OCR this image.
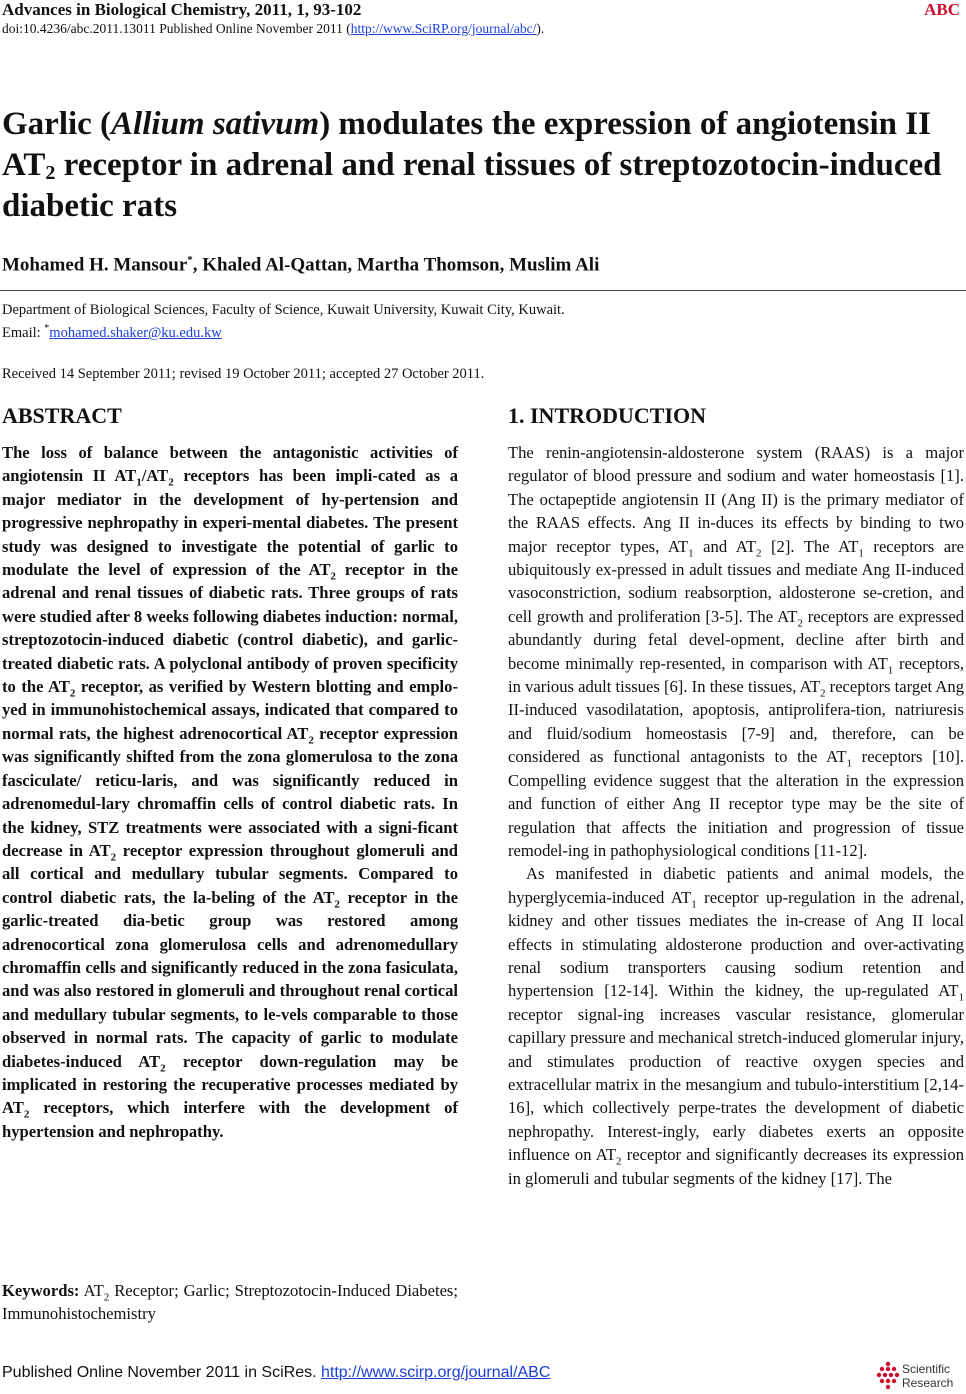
Advances in Biological Chemistry, 2011, 1, 93-102	ABC
doi:10.4236/abc.2011.13011 Published Online November 2011 (http://www.SciRP.org/journal/abc/).
Garlic (Allium sativum) modulates the expression of angiotensin II $AT_2$ receptor in adrenal and renal tissues of streptozotocin-induced diabetic rats
Mohamed H. Mansour*, Khaled Al-Qattan, Martha Thomson, Muslim Ali
Department of Biological Sciences, Faculty of Science, Kuwait University, Kuwait City, Kuwait.
Email: *mohamed.shaker@ku.edu.kw
Received 14 September 2011; revised 19 October 2011; accepted 27 October 2011.
ABSTRACT	1. INTRODUCTION

The loss of balance between the antagonistic activities of angiotensin II $AT_1/AT_2$ receptors has been impli-cated as a major mediator in the development of hy-pertension and progressive nephropathy in experi-mental diabetes. The present study was designed to investigate the potential of garlic to modulate the level of expression of the $AT_2$ receptor in the adrenal and renal tissues of diabetic rats. Three groups of rats were studied after 8 weeks following diabetes induction: normal, streptozotocin-induced diabetic (control diabetic), and garlic-treated diabetic rats. A polyclonal antibody of proven specificity to the $AT_2$ receptor, as verified by Western blotting and emplo-yed in immunohistochemical assays, indicated that compared to normal rats, the highest adrenocortical $AT_2$ receptor expression was significantly shifted from the zona glomerulosa to the zona fasciculate/ reticu-laris, and was significantly reduced in adrenomedul-lary chromaffin cells of control diabetic rats. In the kidney, STZ treatments were associated with a signi-ficant decrease in $AT_2$ receptor expression throughout glomeruli and all cortical and medullary tubular segments. Compared to control diabetic rats, the la-beling of the $AT_2$ receptor in the garlic-treated dia-betic group was restored among adrenocortical zona glomerulosa cells and adrenomedullary chromaffin cells and significantly reduced in the zona fasiculata, and was also restored in glomeruli and throughout renal cortical and medullary tubular segments, to le-vels comparable to those observed in normal rats. The capacity of garlic to modulate diabetes-induced $AT_2$ receptor down-regulation may be implicated in restoring the recuperative processes mediated by $AT_2$ receptors, which interfere with the development of hypertension and nephropathy.

Keywords: $AT_2$ Receptor; Garlic; Streptozotocin-Induced Diabetes; Immunohistochemistry

The renin-angiotensin-aldosterone system (RAAS) is a major regulator of blood pressure and sodium and water homeostasis [1]. The octapeptide angiotensin II (Ang II) is the primary mediator of the RAAS effects. Ang II in-duces its effects by binding to two major receptor types, $AT_1$ and $AT_2$ [2]. The $AT_1$ receptors are ubiquitously ex-pressed in adult tissues and mediate Ang II-induced vasoconstriction, sodium reabsorption, aldosterone se-cretion, and cell growth and proliferation [3-5]. The $AT_2$ receptors are expressed abundantly during fetal devel-opment, decline after birth and become minimally rep-resented, in comparison with $AT_1$ receptors, in various adult tissues [6]. In these tissues, $AT_2$ receptors target Ang II-induced vasodilatation, apoptosis, antiprolifera-tion, natriuresis and fluid/sodium homeostasis [7-9] and, therefore, can be considered as functional antagonists to the $AT_1$ receptors [10]. Compelling evidence suggest that the alteration in the expression and function of either Ang II receptor type may be the site of regulation that affects the initiation and progression of tissue remodel-ing in pathophysiological conditions [11-12].

As manifested in diabetic patients and animal models, the hyperglycemia-induced $AT_1$ receptor up-regulation in the adrenal, kidney and other tissues mediates the in-crease of Ang II local effects in stimulating aldosterone production and over-activating renal sodium transporters causing sodium retention and hypertension [12-14]. Within the kidney, the up-regulated $AT_1$ receptor signal-ing increases vascular resistance, glomerular capillary pressure and mechanical stretch-induced glomerular injury, and stimulates production of reactive oxygen species and extracellular matrix in the mesangium and tubulo-interstitium [2,14-16], which collectively perpe-trates the development of diabetic nephropathy. Interest-ingly, early diabetes exerts an opposite influence on $AT_2$ receptor and significantly decreases its expression in glomeruli and tubular segments of the kidney [17]. The

Published Online November 2011 in SciRes. http://www.scirp.org/journal/ABC	Scientific
Research
